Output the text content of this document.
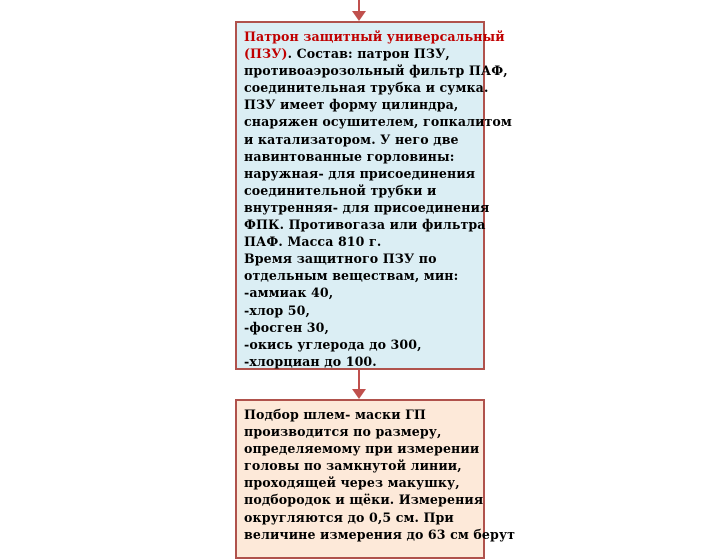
Патрон защитный универсальный
(ПЗУ). Состав: патрон ПЗУ,
противоаэрозольный фильтр ПАФ,
соединительная трубка и сумка.
ПЗУ имеет форму цилиндра,
снаряжен осушителем, гопкалитом
и катализатором. У него две
навинтованные горловины:
наружная- для присоединения
соединительной трубки и
внутренняя- для присоединения
ФПК. Противогаза или фильтра
ПАФ. Масса 810 г.
Время защитного ПЗУ по
отдельным веществам, мин:
-аммиак 40,
-хлор 50,
-фосген 30,
-окись углерода до 300,
-хлорциан до 100.
Подбор шлем- маски ГП
производится по размеру,
определяемому при измерении
головы по замкнутой линии,
проходящей через макушку,
подбородок и щёки. Измерения
округляются до 0,5 см. При
величине измерения до 63 см берут
